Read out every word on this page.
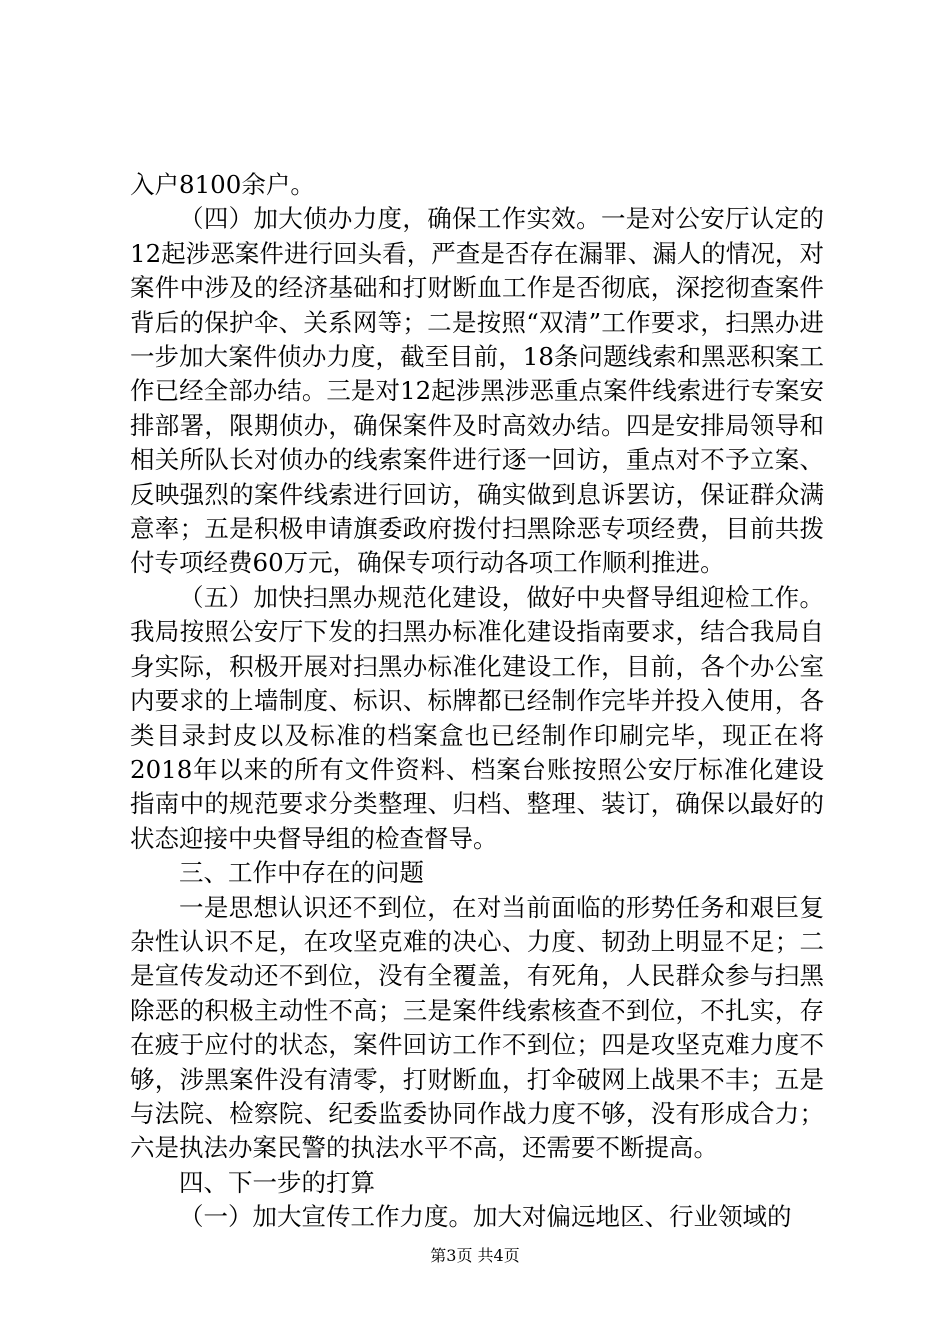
入户8100余户。

（四）加大侦办力度，确保工作实效。一是对公安厅认定的12起涉恶案件进行回头看，严查是否存在漏罪、漏人的情况，对案件中涉及的经济基础和打财断血工作是否彻底，深挖彻查案件背后的保护伞、关系网等；二是按照“双清”工作要求，扫黑办进一步加大案件侦办力度，截至目前，18条问题线索和黑恶积案工作已经全部办结。三是对12起涉黑涉恶重点案件线索进行专案安排部署，限期侦办，确保案件及时高效办结。四是安排局领导和相关所队长对侦办的线索案件进行逐一回访，重点对不予立案、反映强烈的案件线索进行回访，确实做到息诉罢访，保证群众满意率；五是积极申请旗委政府拨付扫黑除恶专项经费，目前共拨付专项经费60万元，确保专项行动各项工作顺利推进。

（五）加快扫黑办规范化建设，做好中央督导组迎检工作。我局按照公安厅下发的扫黑办标准化建设指南要求，结合我局自身实际，积极开展对扫黑办标准化建设工作，目前，各个办公室内要求的上墙制度、标识、标牌都已经制作完毕并投入使用，各类目录封皮以及标准的档案盒也已经制作印刷完毕，现正在将2018年以来的所有文件资料、档案台账按照公安厅标准化建设指南中的规范要求分类整理、归档、整理、装订，确保以最好的状态迎接中央督导组的检查督导。

三、工作中存在的问题

一是思想认识还不到位，在对当前面临的形势任务和艰巨复杂性认识不足，在攻坚克难的决心、力度、韧劲上明显不足；二是宣传发动还不到位，没有全覆盖，有死角，人民群众参与扫黑除恶的积极主动性不高；三是案件线索核查不到位，不扎实，存在疲于应付的状态，案件回访工作不到位；四是攻坚克难力度不够，涉黑案件没有清零，打财断血，打伞破网上战果不丰；五是与法院、检察院、纪委监委协同作战力度不够，没有形成合力；六是执法办案民警的执法水平不高，还需要不断提高。

四、下一步的打算

（一）加大宣传工作力度。加大对偏远地区、行业领域的

第3页 共4页
